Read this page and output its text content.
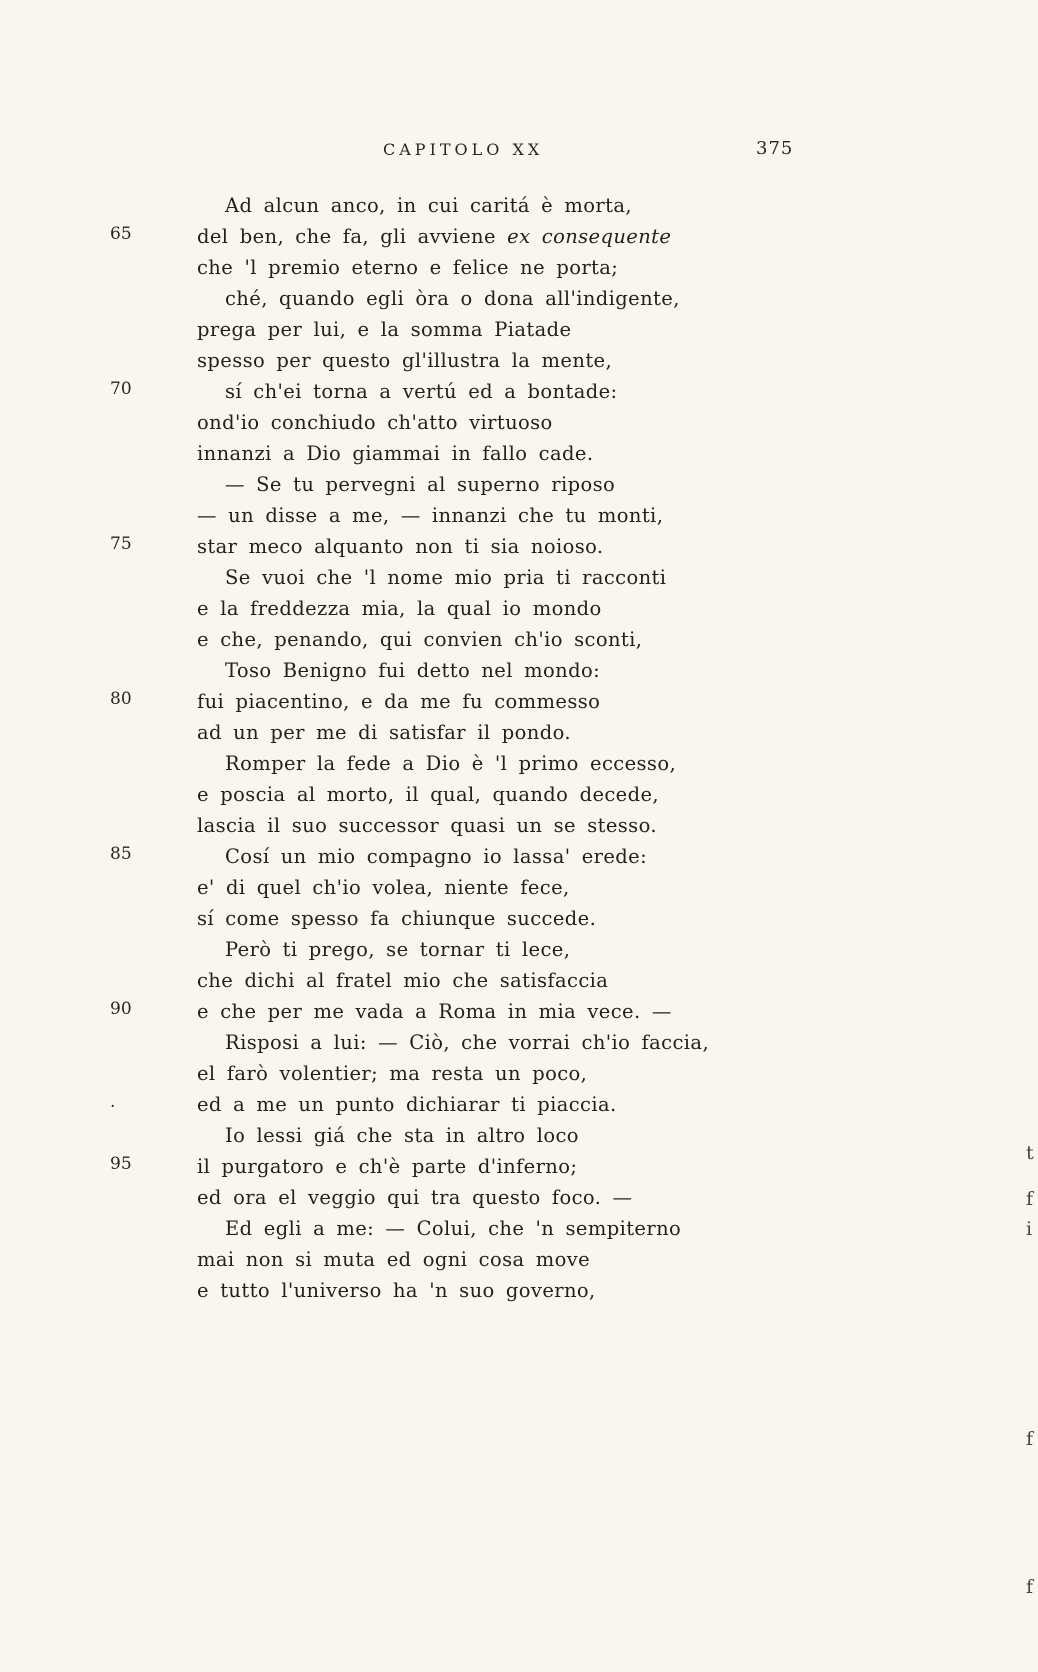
CAPITOLO XX	375
Ad alcun anco, in cui caritá è morta,
65	del ben, che fa, gli avviene ex consequente
che 'l premio eterno e felice ne porta;
ché, quando egli òra o dona all'indigente,
prega per lui, e la somma Piatade
spesso per questo gl'illustra la mente,
70	sí ch'ei torna a vertú ed a bontade:
ond'io conchiudo ch'atto virtuoso
innanzi a Dio giammai in fallo cade.
— Se tu pervegni al superno riposo
— un disse a me, — innanzi che tu monti,
75	star meco alquanto non ti sia noioso.
Se vuoi che 'l nome mio pria ti racconti
e la freddezza mia, la qual io mondo
e che, penando, qui convien ch'io sconti,
Toso Benigno fui detto nel mondo:
80	fui piacentino, e da me fu commesso
ad un per me di satisfar il pondo.
Romper la fede a Dio è 'l primo eccesso,
e poscia al morto, il qual, quando decede,
lascia il suo successor quasi un se stesso.
85	Cosí un mio compagno io lassa' erede:
e' di quel ch'io volea, niente fece,
sí come spesso fa chiunque succede.
Però ti prego, se tornar ti lece,
che dichi al fratel mio che satisfaccia
90	e che per me vada a Roma in mia vece. —
Risposi a lui: — Ciò, che vorrai ch'io faccia,
el farò volentier; ma resta un poco,
.	ed a me un punto dichiarar ti piaccia.
Io lessi giá che sta in altro loco
95	il purgatoro e ch'è parte d'inferno;
ed ora el veggio qui tra questo foco. —
Ed egli a me: — Colui, che 'n sempiterno
mai non si muta ed ogni cosa move
e tutto l'universo ha 'n suo governo,
t
f
i
f
f
